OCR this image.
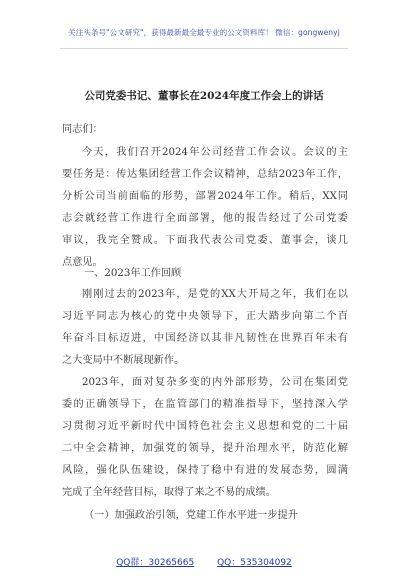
关注头条号"公文研究"，获得最新最全最专业的公文资料库！ 微信：gongwenyj
公司党委书记、董事长在2024年度工作会上的讲话
同志们：
今天，我们召开2024年公司经营工作会议。会议的主
要任务是：传达集团经营工作会议精神，总结2023年工作，
分析公司当前面临的形势，部署2024年工作。稍后，XX同
志会就经营工作进行全面部署，他的报告经过了公司党委
审议，我完全赞成。下面我代表公司党委、董事会，谈几
点意见。
一、2023年工作回顾
刚刚过去的2023年，是党的XX大开局之年，我们在以
习近平同志为核心的党中央领导下，正大踏步向第二个百
年奋斗目标迈进，中国经济以其非凡韧性在世界百年未有
之大变局中不断展现新作。
2023年，面对复杂多变的内外部形势，公司在集团党
委的正确领导下，在监管部门的精准指导下，坚持深入学
习贯彻习近平新时代中国特色社会主义思想和党的二十届
二中全会精神，加强党的领导，提升治理水平，防范化解
风险，强化队伍建设，保持了稳中有进的发展态势，圆满
完成了全年经营目标，取得了来之不易的成绩。
（一）加强政治引领，党建工作水平进一步提升
QQ群：30265665	QQ：535304092
